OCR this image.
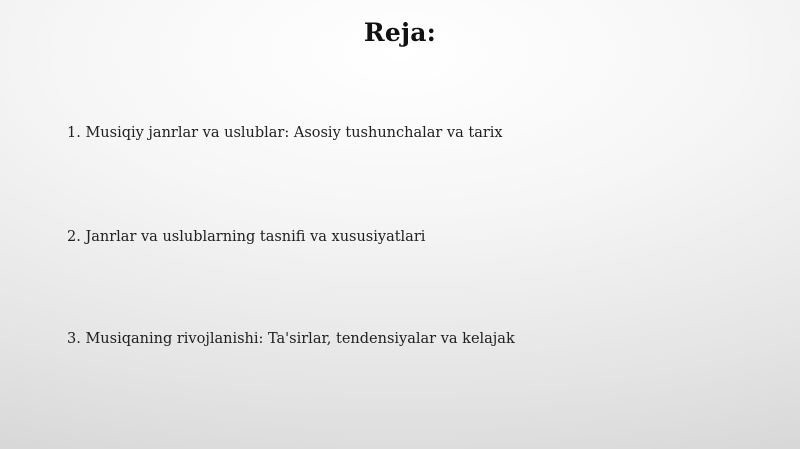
Reja:
1. Musiqiy janrlar va uslublar: Asosiy tushunchalar va tarix
2. Janrlar va uslublarning tasnifi va xususiyatlari
3. Musiqaning rivojlanishi: Ta'sirlar, tendensiyalar va kelajak
